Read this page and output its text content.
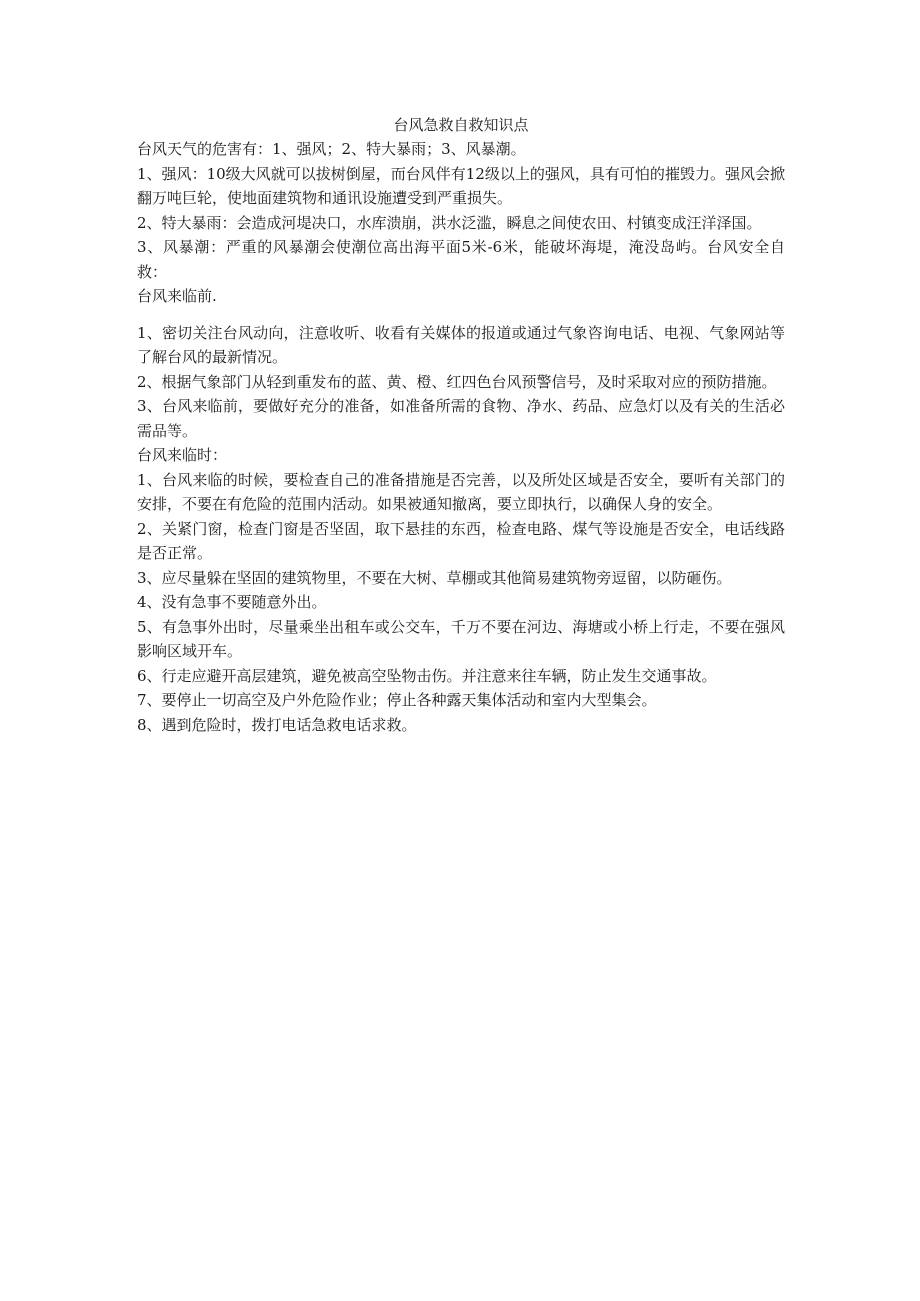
台风急救自救知识点

台风天气的危害有：1、强风；2、特大暴雨；3、风暴潮。

1、强风：10级大风就可以拔树倒屋，而台风伴有12级以上的强风，具有可怕的摧毁力。强风会掀翻万吨巨轮，使地面建筑物和通讯设施遭受到严重损失。

2、特大暴雨：会造成河堤决口，水库溃崩，洪水泛滥，瞬息之间使农田、村镇变成汪洋泽国。

3、风暴潮：严重的风暴潮会使潮位高出海平面5米-6米，能破坏海堤，淹没岛屿。台风安全自救：

台风来临前.

1、密切关注台风动向，注意收听、收看有关媒体的报道或通过气象咨询电话、电视、气象网站等了解台风的最新情况。

2、根据气象部门从轻到重发布的蓝、黄、橙、红四色台风预警信号，及时采取对应的预防措施。

3、台风来临前，要做好充分的准备，如准备所需的食物、净水、药品、应急灯以及有关的生活必需品等。

台风来临时：

1、台风来临的时候，要检查自己的准备措施是否完善，以及所处区域是否安全，要听有关部门的安排，不要在有危险的范围内活动。如果被通知撤离，要立即执行，以确保人身的安全。

2、关紧门窗，检查门窗是否坚固，取下悬挂的东西，检查电路、煤气等设施是否安全，电话线路是否正常。

3、应尽量躲在坚固的建筑物里，不要在大树、草棚或其他简易建筑物旁逗留，以防砸伤。

4、没有急事不要随意外出。

5、有急事外出时，尽量乘坐出租车或公交车，千万不要在河边、海塘或小桥上行走，不要在强风影响区域开车。

6、行走应避开高层建筑，避免被高空坠物击伤。并注意来往车辆，防止发生交通事故。

7、要停止一切高空及户外危险作业；停止各种露天集体活动和室内大型集会。

8、遇到危险时，拨打电话急救电话求救。
